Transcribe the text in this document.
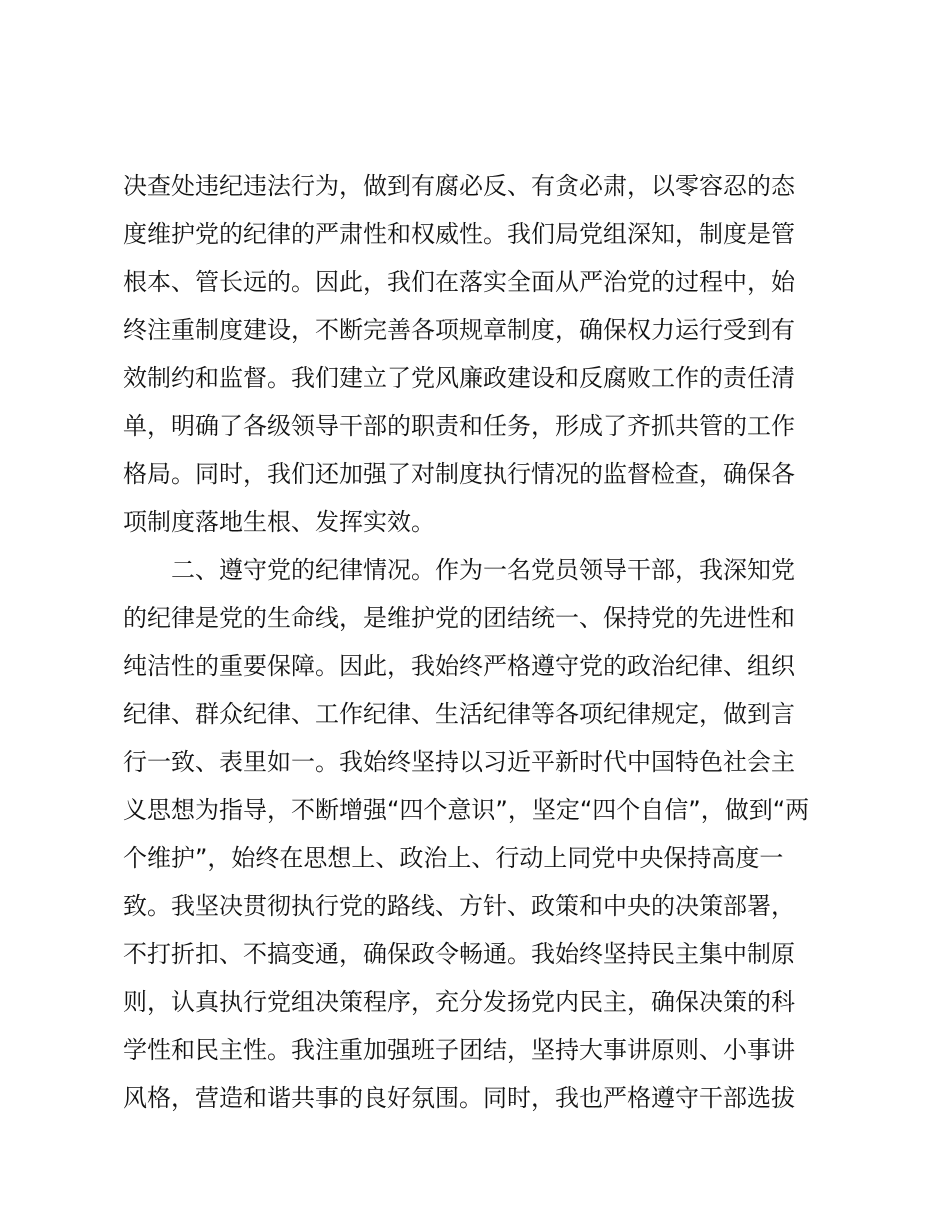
决查处违纪违法行为，做到有腐必反、有贪必肃，以零容忍的态
度维护党的纪律的严肃性和权威性。我们局党组深知，制度是管
根本、管长远的。因此，我们在落实全面从严治党的过程中，始
终注重制度建设，不断完善各项规章制度，确保权力运行受到有
效制约和监督。我们建立了党风廉政建设和反腐败工作的责任清
单，明确了各级领导干部的职责和任务，形成了齐抓共管的工作
格局。同时，我们还加强了对制度执行情况的监督检查，确保各
项制度落地生根、发挥实效。
二、遵守党的纪律情况。作为一名党员领导干部，我深知党
的纪律是党的生命线，是维护党的团结统一、保持党的先进性和
纯洁性的重要保障。因此，我始终严格遵守党的政治纪律、组织
纪律、群众纪律、工作纪律、生活纪律等各项纪律规定，做到言
行一致、表里如一。我始终坚持以习近平新时代中国特色社会主
义思想为指导，不断增强“四个意识”，坚定“四个自信”，做到“两
个维护”，始终在思想上、政治上、行动上同党中央保持高度一
致。我坚决贯彻执行党的路线、方针、政策和中央的决策部署，
不打折扣、不搞变通，确保政令畅通。我始终坚持民主集中制原
则，认真执行党组决策程序，充分发扬党内民主，确保决策的科
学性和民主性。我注重加强班子团结，坚持大事讲原则、小事讲
风格，营造和谐共事的良好氛围。同时，我也严格遵守干部选拔
